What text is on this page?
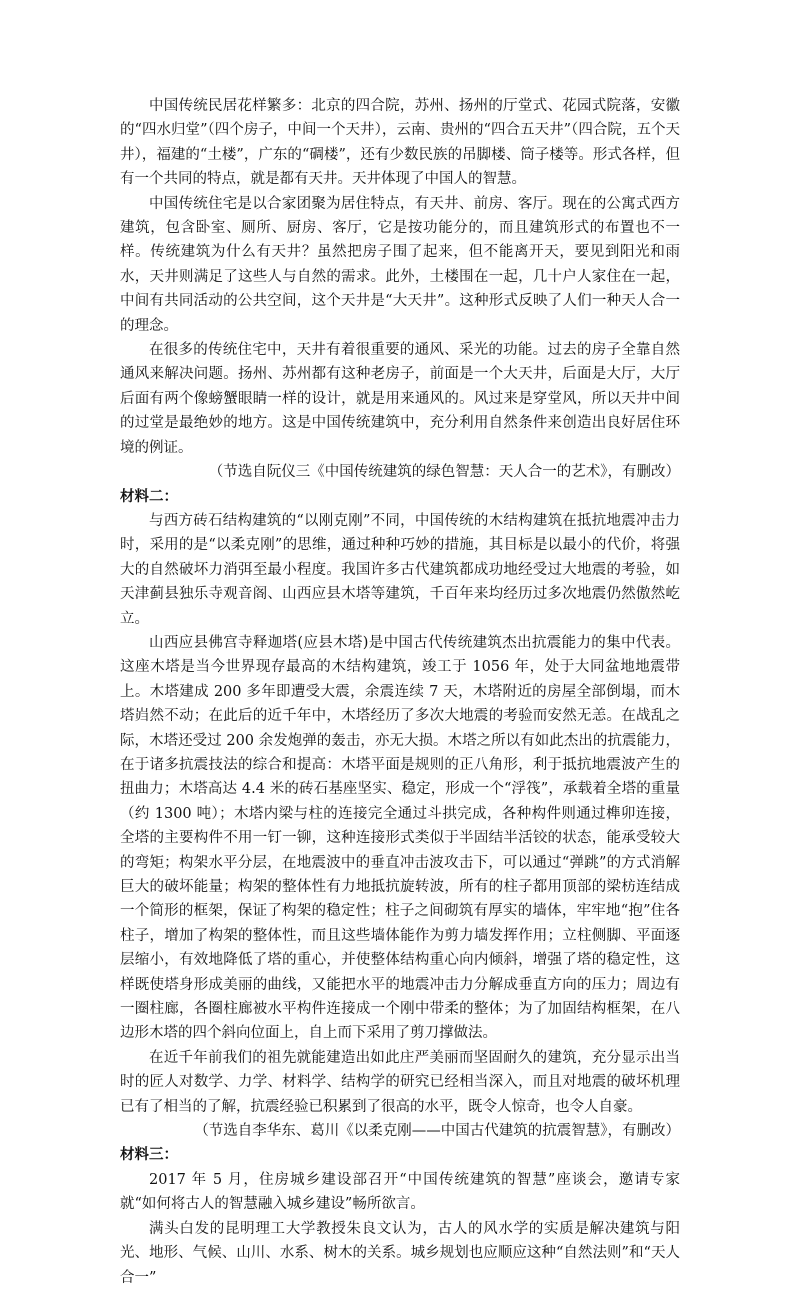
中国传统民居花样繁多：北京的四合院，苏州、扬州的厅堂式、花园式院落，安徽的“四水归堂”（四个房子，中间一个天井），云南、贵州的“四合五天井”（四合院，五个天井），福建的“土楼”，广东的“碉楼”，还有少数民族的吊脚楼、筒子楼等。形式各样，但有一个共同的特点，就是都有天井。天井体现了中国人的智慧。

中国传统住宅是以合家团聚为居住特点，有天井、前房、客厅。现在的公寓式西方建筑，包含卧室、厕所、厨房、客厅，它是按功能分的，而且建筑形式的布置也不一样。传统建筑为什么有天井？虽然把房子围了起来，但不能离开天，要见到阳光和雨水，天井则满足了这些人与自然的需求。此外，土楼围在一起，几十户人家住在一起，中间有共同活动的公共空间，这个天井是“大天井”。这种形式反映了人们一种天人合一的理念。

在很多的传统住宅中，天井有着很重要的通风、采光的功能。过去的房子全靠自然通风来解决问题。扬州、苏州都有这种老房子，前面是一个大天井，后面是大厅，大厅后面有两个像螃蟹眼睛一样的设计，就是用来通风的。风过来是穿堂风，所以天井中间的过堂是最绝妙的地方。这是中国传统建筑中，充分利用自然条件来创造出良好居住环境的例证。

（节选自阮仪三《中国传统建筑的绿色智慧：天人合一的艺术》，有删改）

材料二：

与西方砖石结构建筑的“以刚克刚”不同，中国传统的木结构建筑在抵抗地震冲击力时，采用的是“以柔克刚”的思维，通过种种巧妙的措施，其目标是以最小的代价，将强大的自然破坏力消弭至最小程度。我国许多古代建筑都成功地经受过大地震的考验，如天津蓟县独乐寺观音阁、山西应县木塔等建筑，千百年来均经历过多次地震仍然傲然屹立。

山西应县佛宫寺释迦塔(应县木塔)是中国古代传统建筑杰出抗震能力的集中代表。这座木塔是当今世界现存最高的木结构建筑，竣工于 1056 年，处于大同盆地地震带上。木塔建成 200 多年即遭受大震，余震连续 7 天，木塔附近的房屋全部倒塌，而木塔岿然不动；在此后的近千年中，木塔经历了多次大地震的考验而安然无恙。在战乱之际，木塔还受过 200 余发炮弹的轰击，亦无大损。木塔之所以有如此杰出的抗震能力，在于诸多抗震技法的综合和提高：木塔平面是规则的正八角形，利于抵抗地震波产生的扭曲力；木塔高达 4.4 米的砖石基座坚实、稳定，形成一个“浮筏”，承载着全塔的重量（约 1300 吨）；木塔内梁与柱的连接完全通过斗拱完成，各种构件则通过榫卯连接，全塔的主要构件不用一钉一铆，这种连接形式类似于半固结半活铰的状态，能承受较大的弯矩；构架水平分层，在地震波中的垂直冲击波攻击下，可以通过“弹跳”的方式消解巨大的破坏能量；构架的整体性有力地抵抗旋转波，所有的柱子都用顶部的梁枋连结成一个简形的框架，保证了构架的稳定性；柱子之间砌筑有厚实的墙体，牢牢地“抱”住各柱子，增加了构架的整体性，而且这些墙体能作为剪力墙发挥作用；立柱侧脚、平面逐层缩小，有效地降低了塔的重心，并使整体结构重心向内倾斜，增强了塔的稳定性，这样既使塔身形成美丽的曲线，又能把水平的地震冲击力分解成垂直方向的压力；周边有一圈柱廊，各圈柱廊被水平构件连接成一个刚中带柔的整体；为了加固结构框架，在八边形木塔的四个斜向位面上，自上而下采用了剪刀撑做法。

在近千年前我们的祖先就能建造出如此庄严美丽而坚固耐久的建筑，充分显示出当时的匠人对数学、力学、材料学、结构学的研究已经相当深入，而且对地震的破坏机理已有了相当的了解，抗震经验已积累到了很高的水平，既令人惊奇，也令人自豪。

（节选自李华东、葛川《以柔克刚——中国古代建筑的抗震智慧》，有删改）

材料三：

2017 年 5 月，住房城乡建设部召开“中国传统建筑的智慧”座谈会，邀请专家就“如何将古人的智慧融入城乡建设”畅所欲言。

满头白发的昆明理工大学教授朱良文认为，古人的风水学的实质是解决建筑与阳光、地形、气候、山川、水系、树木的关系。城乡规划也应顺应这种“自然法则”和“天人合一”
